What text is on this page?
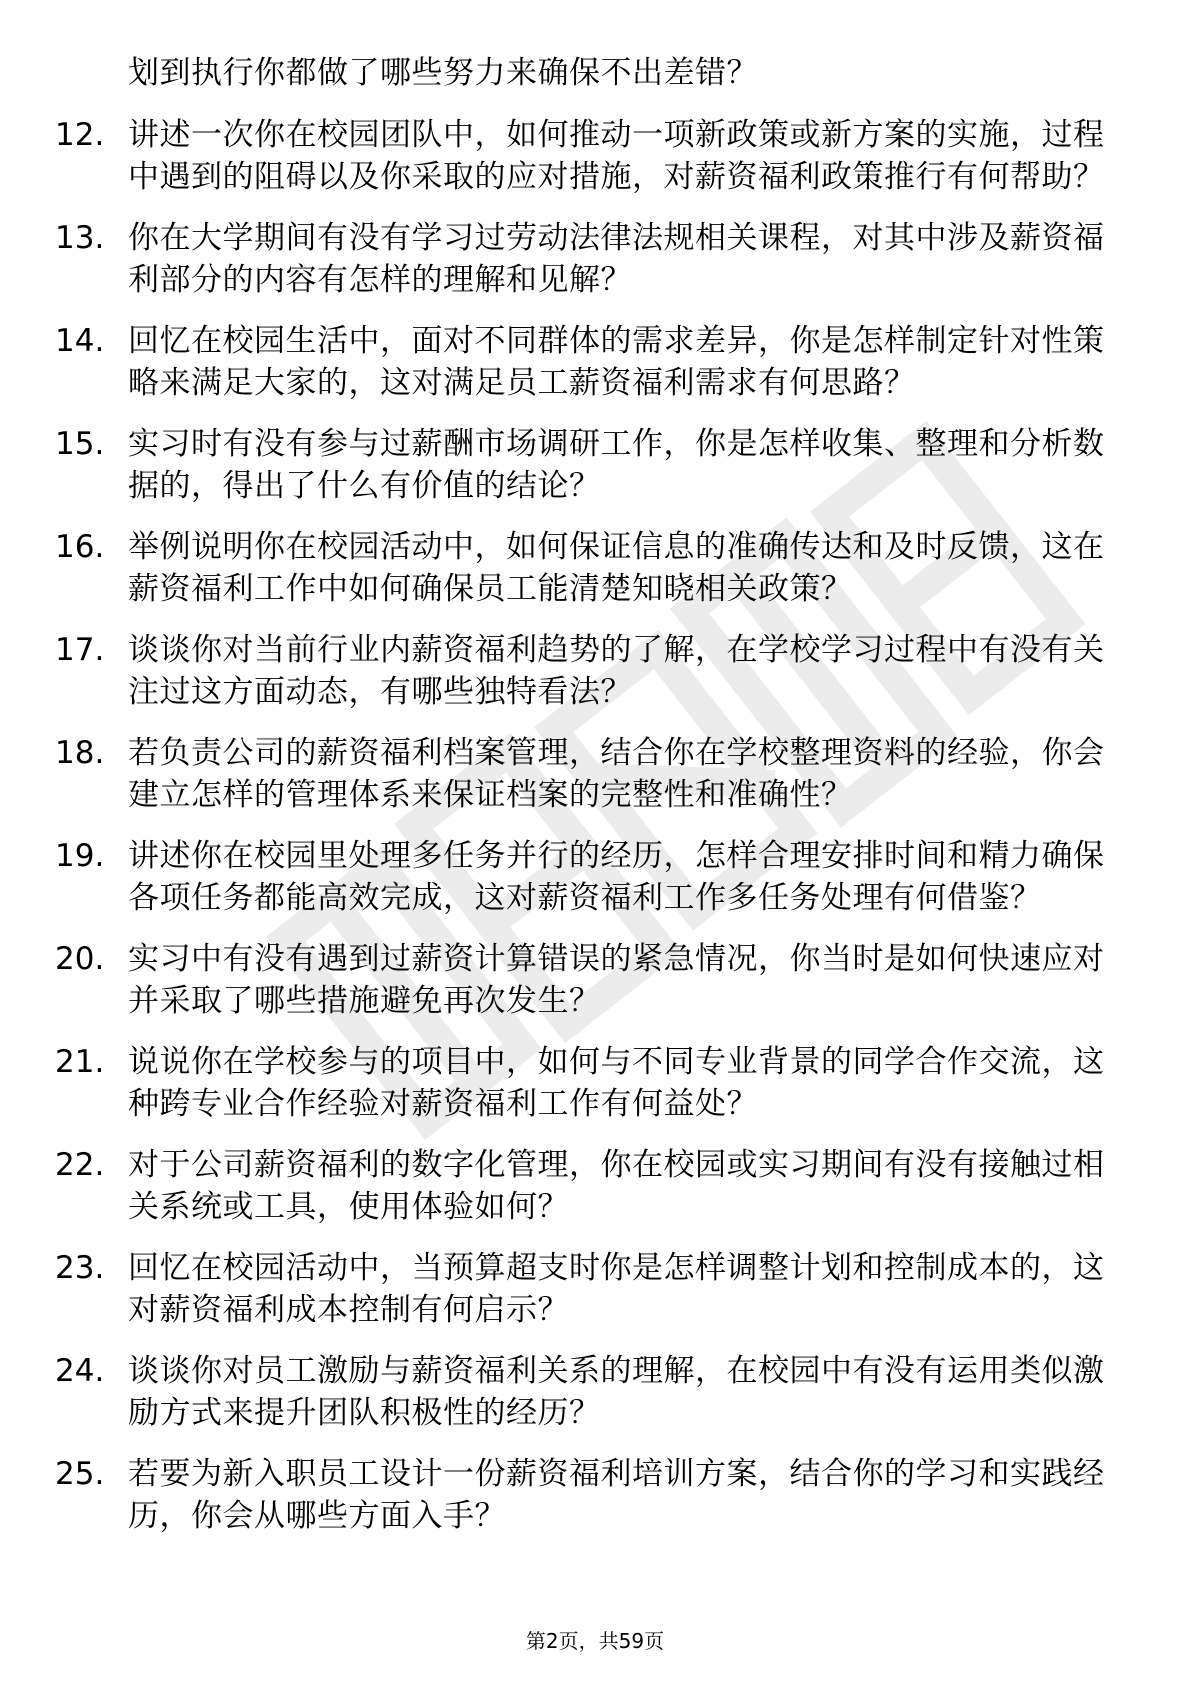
划到执行你都做了哪些努力来确保不出差错？
12. 讲述一次你在校园团队中，如何推动一项新政策或新方案的实施，过程中遇到的阻碍以及你采取的应对措施，对薪资福利政策推行有何帮助？
13. 你在大学期间有没有学习过劳动法律法规相关课程，对其中涉及薪资福利部分的内容有怎样的理解和见解？
14. 回忆在校园生活中，面对不同群体的需求差异，你是怎样制定针对性策略来满足大家的，这对满足员工薪资福利需求有何思路？
15. 实习时有没有参与过薪酬市场调研工作，你是怎样收集、整理和分析数据的，得出了什么有价值的结论？
16. 举例说明你在校园活动中，如何保证信息的准确传达和及时反馈，这在薪资福利工作中如何确保员工能清楚知晓相关政策？
17. 谈谈你对当前行业内薪资福利趋势的了解，在学校学习过程中有没有关注过这方面动态，有哪些独特看法？
18. 若负责公司的薪资福利档案管理，结合你在学校整理资料的经验，你会建立怎样的管理体系来保证档案的完整性和准确性？
19. 讲述你在校园里处理多任务并行的经历，怎样合理安排时间和精力确保各项任务都能高效完成，这对薪资福利工作多任务处理有何借鉴？
20. 实习中有没有遇到过薪资计算错误的紧急情况，你当时是如何快速应对并采取了哪些措施避免再次发生？
21. 说说你在学校参与的项目中，如何与不同专业背景的同学合作交流，这种跨专业合作经验对薪资福利工作有何益处？
22. 对于公司薪资福利的数字化管理，你在校园或实习期间有没有接触过相关系统或工具，使用体验如何？
23. 回忆在校园活动中，当预算超支时你是怎样调整计划和控制成本的，这对薪资福利成本控制有何启示？
24. 谈谈你对员工激励与薪资福利关系的理解，在校园中有没有运用类似激励方式来提升团队积极性的经历？
25. 若要为新入职员工设计一份薪资福利培训方案，结合你的学习和实践经历，你会从哪些方面入手？
第2页，共59页
